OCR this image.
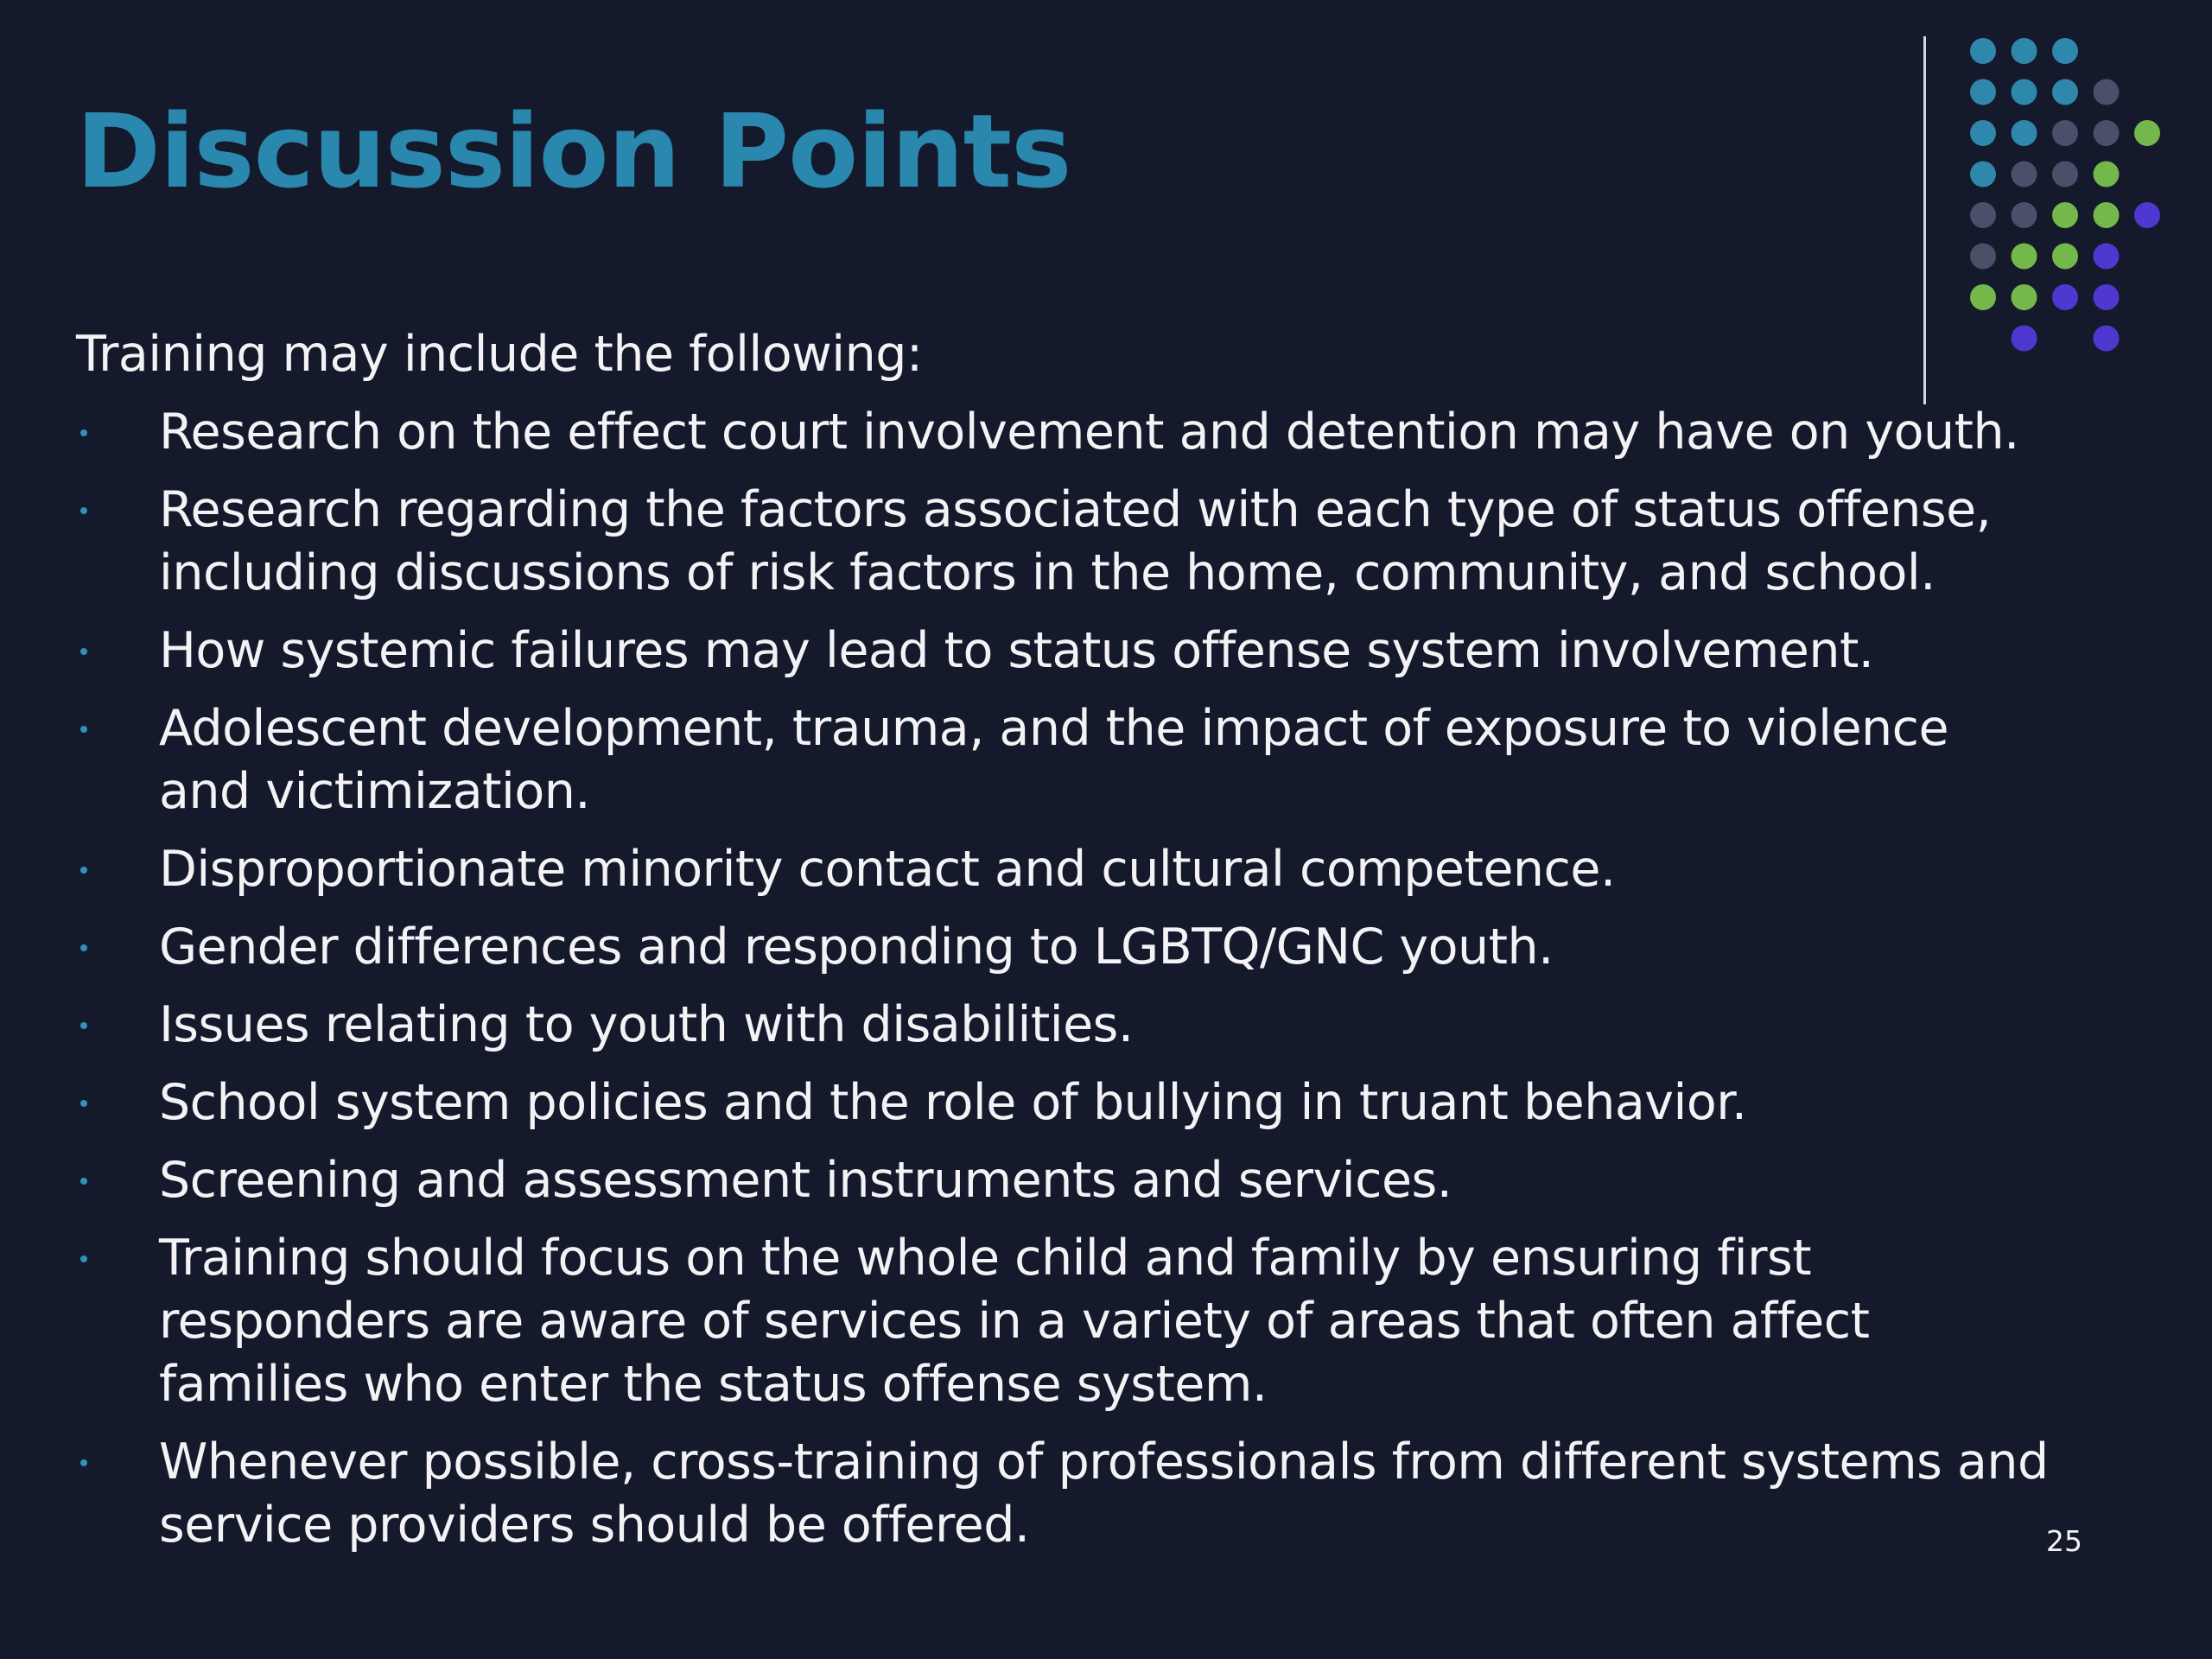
Discussion Points

Training may include the following:

Research on the effect court involvement and detention may have on youth.
Research regarding the factors associated with each type of status offense,
including discussions of risk factors in the home, community, and school.
How systemic failures may lead to status offense system involvement.
Adolescent development, trauma, and the impact of exposure to violence
and victimization.
Disproportionate minority contact and cultural competence.
Gender differences and responding to LGBTQ/GNC youth.
Issues relating to youth with disabilities.
School system policies and the role of bullying in truant behavior.
Screening and assessment instruments and services.
Training should focus on the whole child and family by ensuring first
responders are aware of services in a variety of areas that often affect
families who enter the status offense system.
Whenever possible, cross-training of professionals from different systems and
service providers should be offered.	25
